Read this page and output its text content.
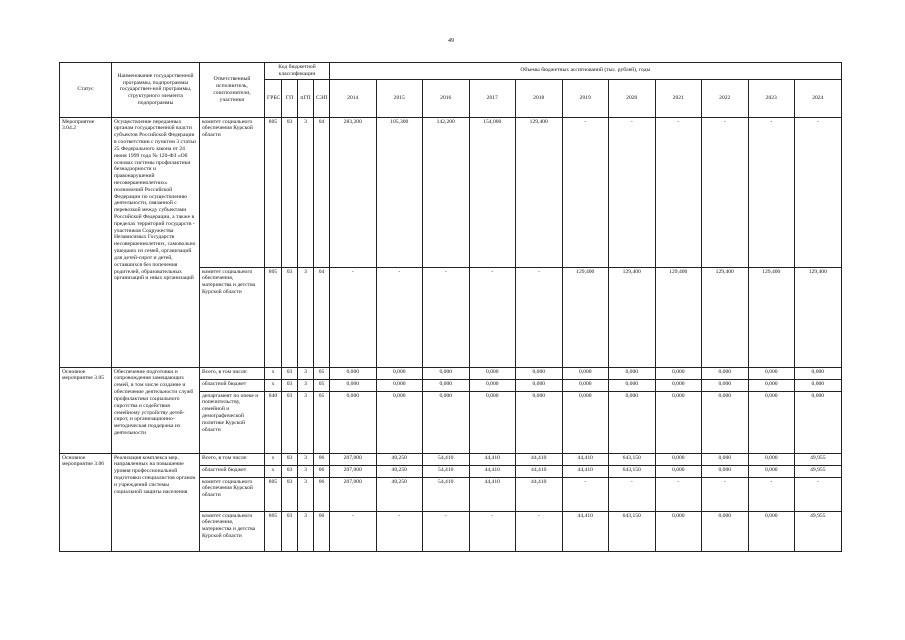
49
Статус	Наименование государственной программы, подпрограммы государствен-ной программы, структурного элемента подпрограммы	Ответственный исполнитель, соисполнители, участники	Код бюджетной классификации				Объемы бюджетных ассигнований (тыс. рублей), годы										
			ГРБС	ГП	пГП	СЭП	2014	2015	2016	2017	2018	2019	2020	2021	2022	2023	2024
Мероприятие 3.04.2	Осуществление переданных органам государственной власти субъектов Российской Федерации в соответствии с пунктом 3 статьи 25 Федерального закона от 24 июня 1999 года № 120-ФЗ «Об основах системы профилактики безнадзорности и правонарушений несовершеннолетних» полномочий Российской Федерации по осуществлению деятельности, связанной с перевозкой между субъектами Российской Федерации, а также в пределах территорий государств - участников Содружества Независимых Государств несовершеннолетних, самовольно ушедших из семей, организаций для детей-сирот и детей, оставшихся без попечения родителей, образовательных организаций и иных организаций	комитет социального обеспечения Курской области	805	03	3	04	283,200	105,300	142,200	154,000	129,400	-	-	-	-	-	-
		комитет социального обеспечения, материнства и детства Курской области	805	03	3	04	-	-	-	-	-	129,400	129,400	129,400	129,400	129,400	129,400
Основное мероприятие 3.05	Обеспечение подготовки и сопровождения замещающих семей, в том числе создание и обеспечение деятельности служб профилактики социального сиротства и содействия семейному устройству детей-сирот, и организационно-методическая поддержка их деятельности	Всего, в том числе:	x	03	3	05	0,000	0,000	0,000	0,000	0,000	0,000	0,000	0,000	0,000	0,000	0,000
		областной бюджет	x	03	3	05	0,000	0,000	0,000	0,000	0,000	0,000	0,000	0,000	0,000	0,000	0,000
		департамент по опеке и попечительству, семейной и демографической политике Курской области	840	03	3	05	0,000	0,000	0,000	0,000	0,000	0,000	0,000	0,000	0,000	0,000	0,000
Основное мероприятие 3.06	Реализация комплекса мер, направленных на повышение уровня профессиональной подготовки специалистов органов и учреждений системы социальной защиты населения	Всего, в том числе:	x	03	3	06	207,000	40,250	54,410	44,410	44,410	44,410	643,150	0,000	0,000	0,000	49,955
		областной бюджет	x	03	3	06	207,000	40,250	54,410	44,410	44,410	44,410	643,150	0,000	0,000	0,000	49,955
		комитет социального обеспечения Курской области	805	03	3	06	207,000	40,250	54,410	44,410	44,410	-	-	-	-	-	-
		комитет социального обеспечения, материнства и детства Курской области	805	03	3	06	-	-	-	-	-	44,410	643,150	0,000	0,000	0,000	49,955
